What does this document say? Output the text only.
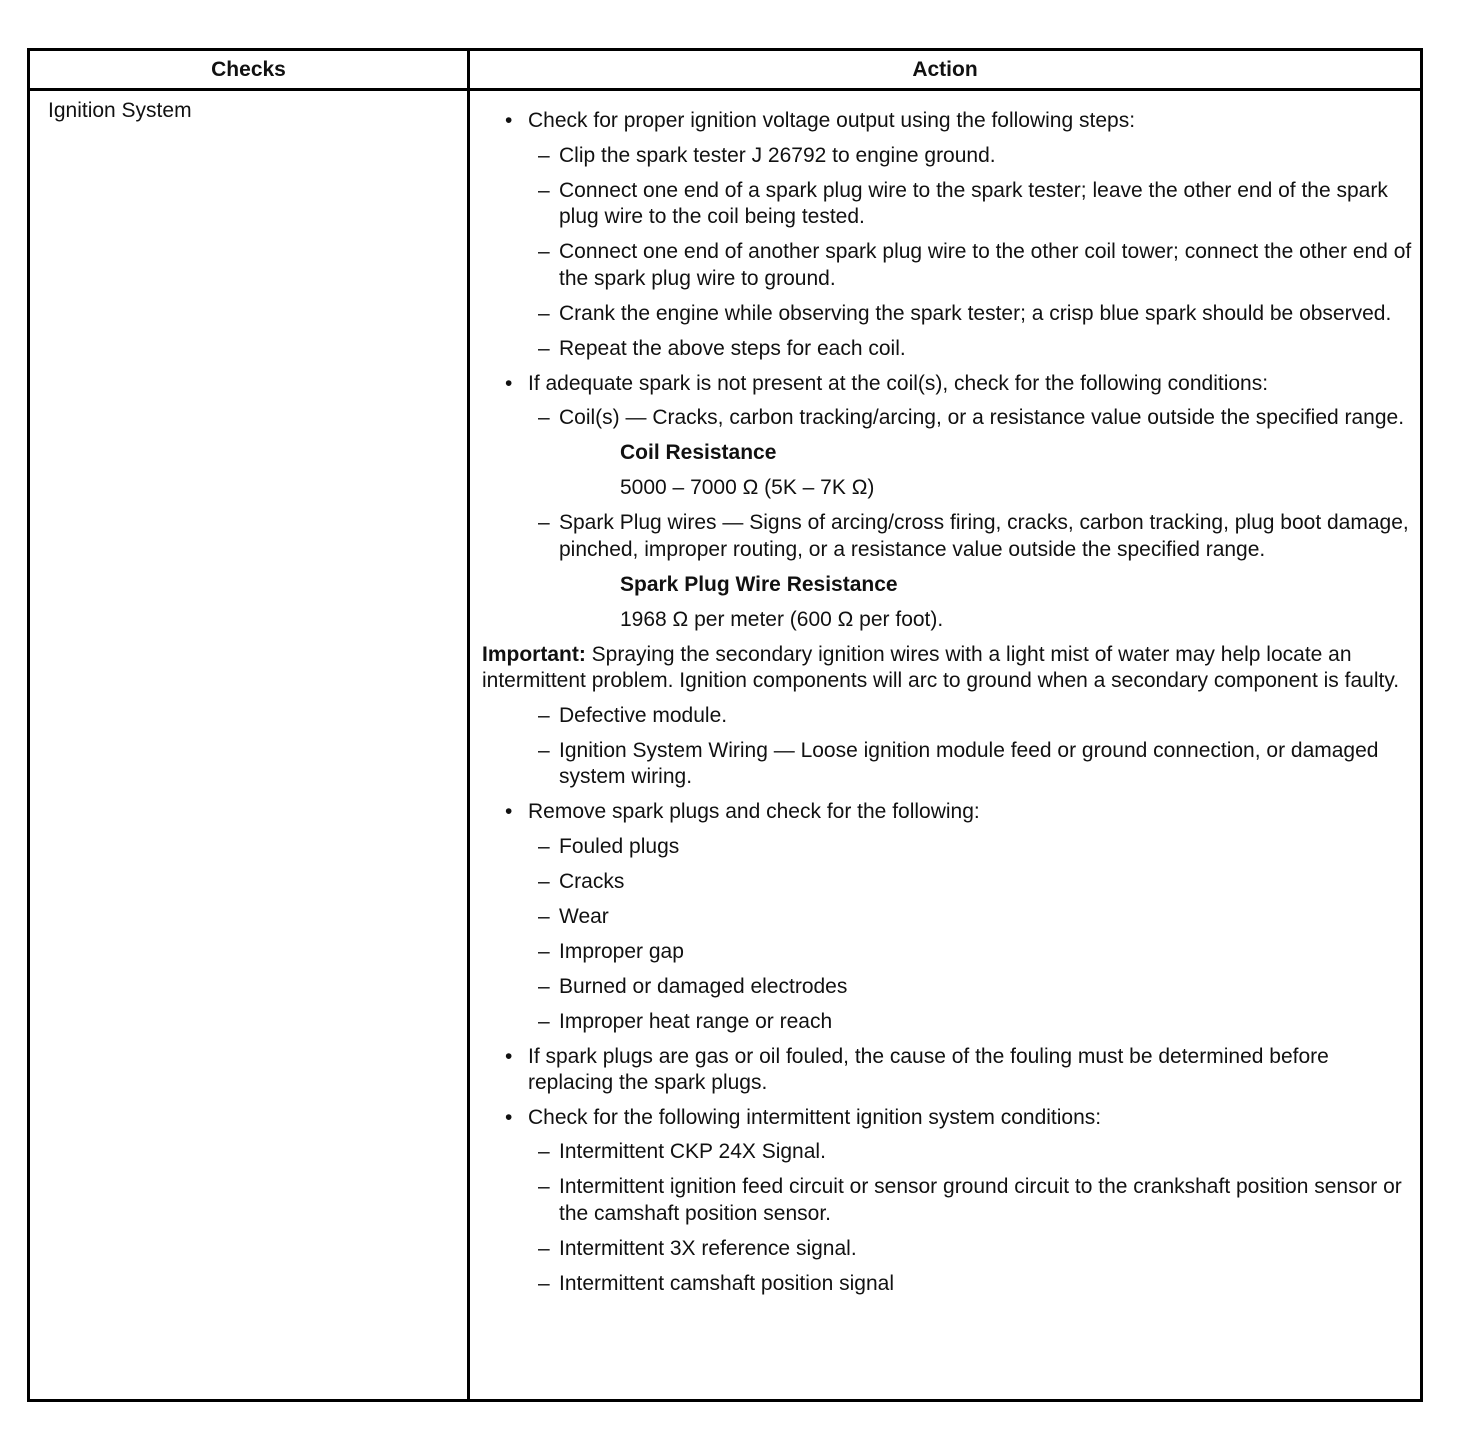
Checks	Action
Ignition System	• Check for proper ignition voltage output using the following steps:
– Clip the spark tester J 26792 to engine ground.
– Connect one end of a spark plug wire to the spark tester; leave the other end of the spark plug wire to the coil being tested.
– Connect one end of another spark plug wire to the other coil tower; connect the other end of the spark plug wire to ground.
– Crank the engine while observing the spark tester; a crisp blue spark should be observed.
– Repeat the above steps for each coil.
• If adequate spark is not present at the coil(s), check for the following conditions:
– Coil(s) — Cracks, carbon tracking/arcing, or a resistance value outside the specified range.
Coil Resistance
5000 – 7000 Ω (5K – 7K Ω)
– Spark Plug wires — Signs of arcing/cross firing, cracks, carbon tracking, plug boot damage, pinched, improper routing, or a resistance value outside the specified range.
Spark Plug Wire Resistance
1968 Ω per meter (600 Ω per foot).
Important: Spraying the secondary ignition wires with a light mist of water may help locate an intermittent problem. Ignition components will arc to ground when a secondary component is faulty.
– Defective module.
– Ignition System Wiring — Loose ignition module feed or ground connection, or damaged system wiring.
• Remove spark plugs and check for the following:
– Fouled plugs
– Cracks
– Wear
– Improper gap
– Burned or damaged electrodes
– Improper heat range or reach
• If spark plugs are gas or oil fouled, the cause of the fouling must be determined before replacing the spark plugs.
• Check for the following intermittent ignition system conditions:
– Intermittent CKP 24X Signal.
– Intermittent ignition feed circuit or sensor ground circuit to the crankshaft position sensor or the camshaft position sensor.
– Intermittent 3X reference signal.
– Intermittent camshaft position signal
